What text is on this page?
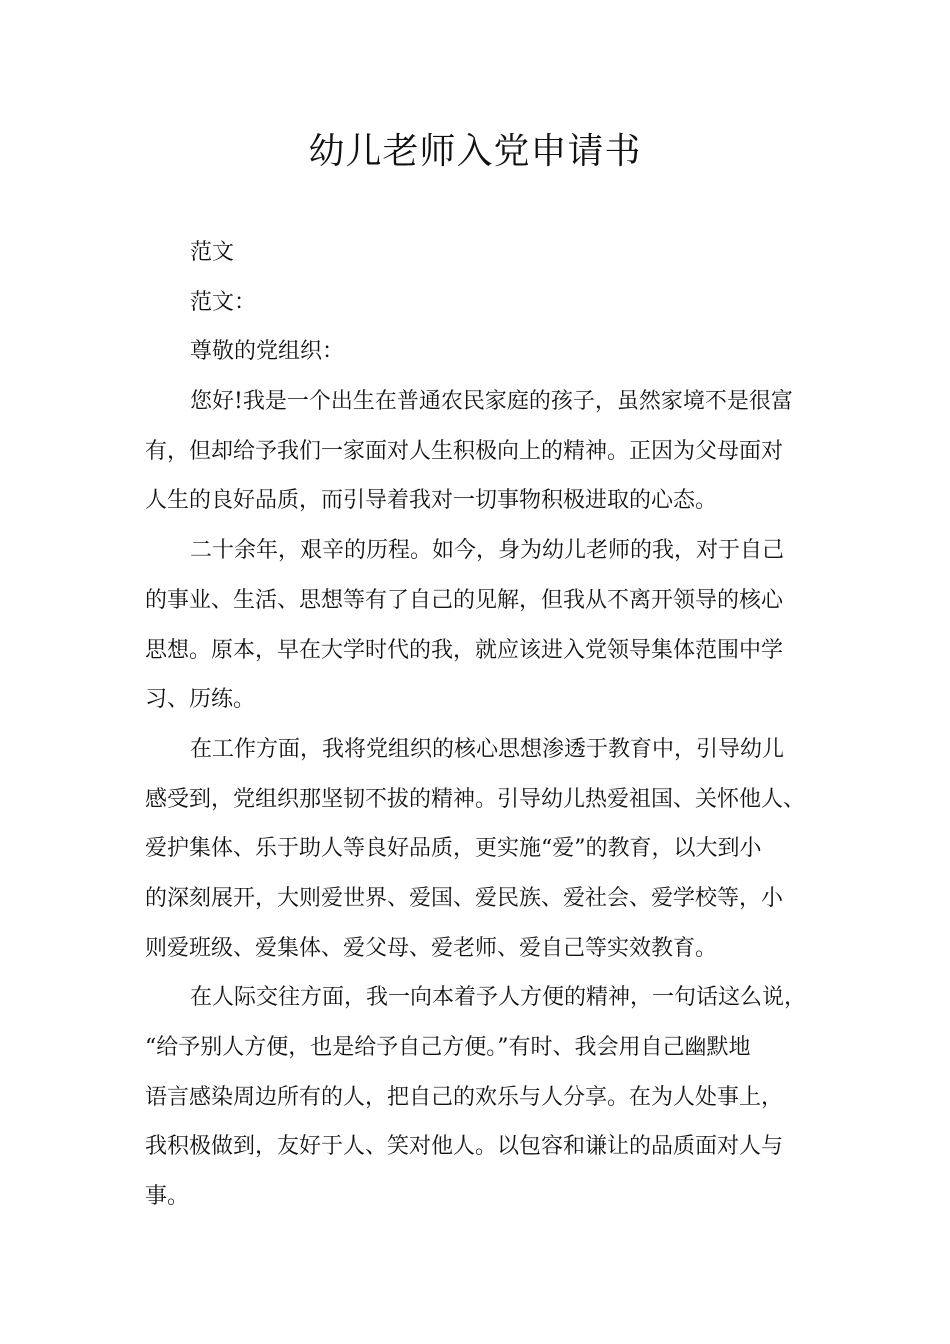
幼儿老师入党申请书
范文
范文：
尊敬的党组织：
您好!我是一个出生在普通农民家庭的孩子，虽然家境不是很富
有，但却给予我们一家面对人生积极向上的精神。正因为父母面对
人生的良好品质，而引导着我对一切事物积极进取的心态。
二十余年，艰辛的历程。如今，身为幼儿老师的我，对于自己
的事业、生活、思想等有了自己的见解，但我从不离开领导的核心
思想。原本，早在大学时代的我，就应该进入党领导集体范围中学
习、历练。
在工作方面，我将党组织的核心思想渗透于教育中，引导幼儿
感受到，党组织那坚韧不拔的精神。引导幼儿热爱祖国、关怀他人、
爱护集体、乐于助人等良好品质，更实施“爱”的教育，以大到小
的深刻展开，大则爱世界、爱国、爱民族、爱社会、爱学校等，小
则爱班级、爱集体、爱父母、爱老师、爱自己等实效教育。
在人际交往方面，我一向本着予人方便的精神，一句话这么说，
“给予别人方便，也是给予自己方便。”有时、我会用自己幽默地
语言感染周边所有的人，把自己的欢乐与人分享。在为人处事上，
我积极做到，友好于人、笑对他人。以包容和谦让的品质面对人与
事。
